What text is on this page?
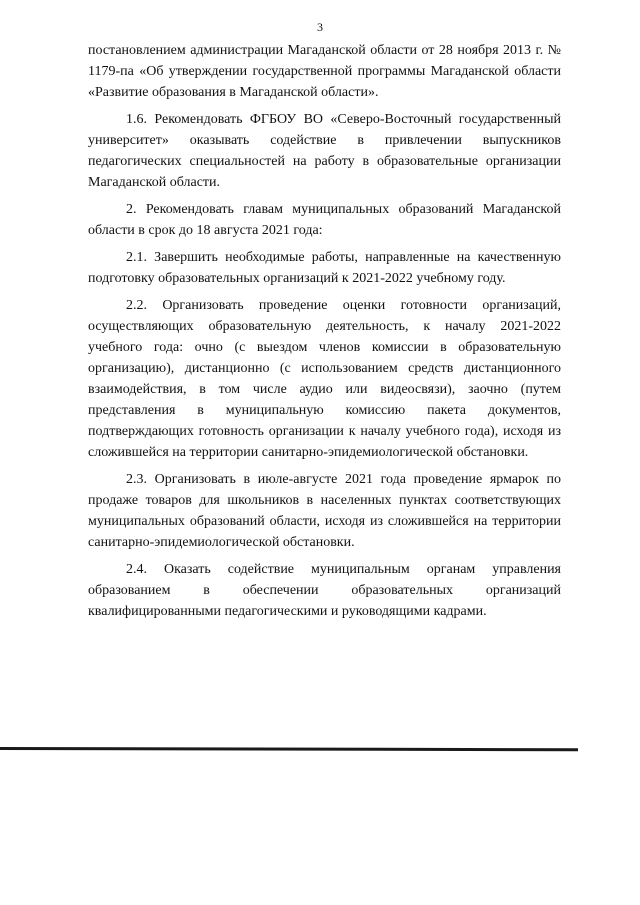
3

постановлением администрации Магаданской области от 28 ноября 2013 г. № 1179-па «Об утверждении государственной программы Магаданской области «Развитие образования в Магаданской области».

1.6. Рекомендовать ФГБОУ ВО «Северо-Восточный государственный университет» оказывать содействие в привлечении выпускников педагогических специальностей на работу в образовательные организации Магаданской области.

2. Рекомендовать главам муниципальных образований Магаданской области в срок до 18 августа 2021 года:

2.1. Завершить необходимые работы, направленные на качественную подготовку образовательных организаций к 2021-2022 учебному году.

2.2. Организовать проведение оценки готовности организаций, осуществляющих образовательную деятельность, к началу 2021-2022 учебного года: очно (с выездом членов комиссии в образовательную организацию), дистанционно (с использованием средств дистанционного взаимодействия, в том числе аудио или видеосвязи), заочно (путем представления в муниципальную комиссию пакета документов, подтверждающих готовность организации к началу учебного года), исходя из сложившейся на территории санитарно-эпидемиологической обстановки.

2.3. Организовать в июле-августе 2021 года проведение ярмарок по продаже товаров для школьников в населенных пунктах соответствующих муниципальных образований области, исходя из сложившейся на территории санитарно-эпидемиологической обстановки.

2.4. Оказать содействие муниципальным органам управления образованием в обеспечении образовательных организаций квалифицированными педагогическими и руководящими кадрами.
